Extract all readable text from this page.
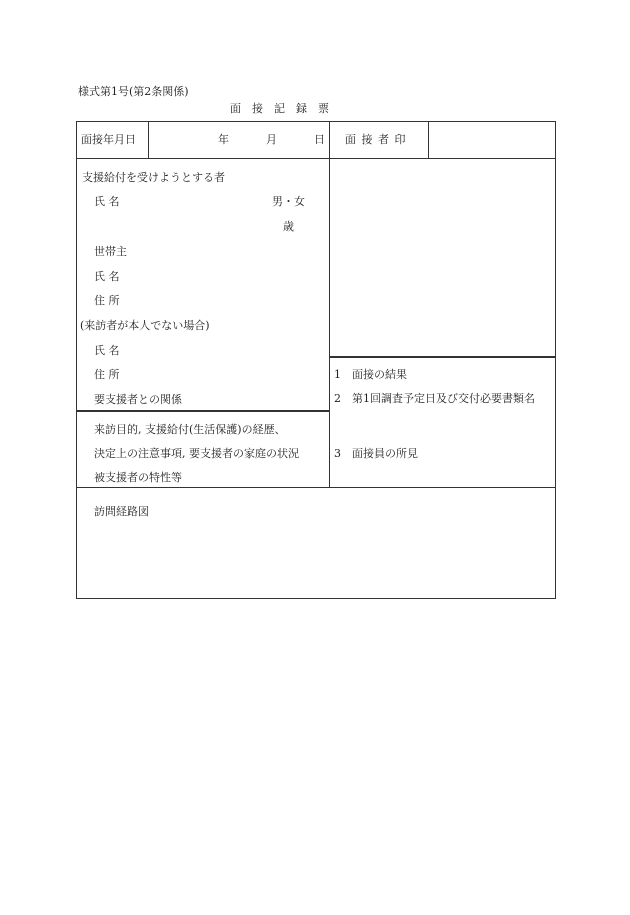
様式第1号(第2条関係)
面　接　記　録　票
面接年月日	年	月	日 面 接 者 印
支援給付を受けようとする者
氏 名	男・女
歳
世帯主
氏 名
住 所
(来訪者が本人でない場合)
氏 名
住 所
要支援者との関係
来訪目的, 支援給付(生活保護)の経歴、
決定上の注意事項, 要支援者の家庭の状況
被支援者の特性等
1　面接の結果
2　第1回調査予定日及び交付必要書類名
3　面接員の所見
訪問経路図
